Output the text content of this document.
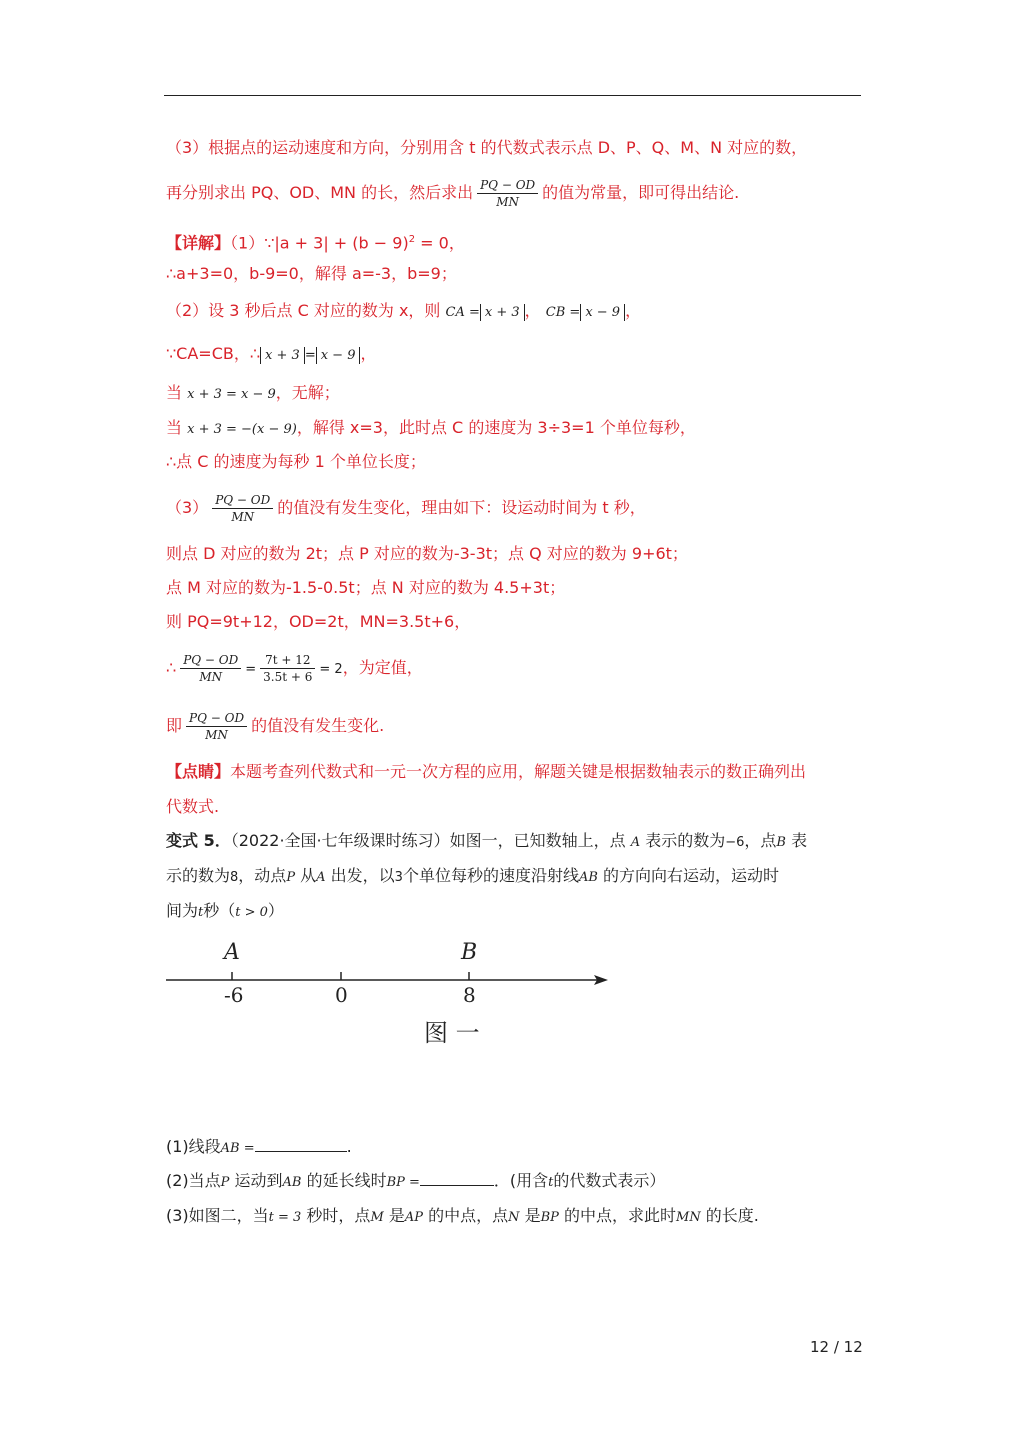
（3）根据点的运动速度和方向，分别用含 t 的代数式表示点 D、P、Q、M、N 对应的数，
再分别求出 PQ、OD、MN 的长，然后求出 $\frac{PQ - OD}{MN}$ 的值为常量，即可得出结论.
【详解】（1）∵|a + $3| + (b - 9)^2 = 0$，
∴a+3=0，b-9=0，解得 a=-3，b=9；
（2）设 3 秒后点 C 对应的数为 x，则 CA = x + 3 ， CB = x − 9 ，
∵CA=CB，∴ x + 3 = x − 9 ，
当 x + 3 = x − 9，无解；
当 x + 3 = −(x − 9)，解得 x=3，此时点 C 的速度为 3÷3=1 个单位每秒，
∴点 C 的速度为每秒 1 个单位长度；
$(3) \frac{PQ - OD}{MN}$ 的值没有发生变化，理由如下：设运动时间为 t 秒，
则点 D 对应的数为 2t；点 P 对应的数为-3-3t；点 Q 对应的数为 9+6t；
点 M 对应的数为-1.5-0.5t；点 N 对应的数为 4.5+3t；
则 PQ=9t+12，OD=2t，MN=3.5t+6，
∴ $\frac{PQ - OD}{MN} = \frac{7t + 12}{3.5t + 6} = 2$，为定值，
即 $\frac{PQ - OD}{MN}$ 的值没有发生变化.
【点睛】本题考查列代数式和一元一次方程的应用，解题关键是根据数轴表示的数正确列出
代数式.
变式 5．（2022·全国·七年级课时练习）如图一，已知数轴上，点 A 表示的数为−6，点B 表
示的数为8，动点P 从A 出发，以3个单位每秒的速度沿射线AB 的方向向右运动，运动时
间为t秒（t > 0）
A	B
-6	0	8
图 一
(1)线段AB =	.
(2)当点P 运动到AB 的延长线时BP =	．(用含t的代数式表示）
(3)如图二，当t = 3 秒时，点M 是AP 的中点，点N 是BP 的中点，求此时MN 的长度.
12 / 12
